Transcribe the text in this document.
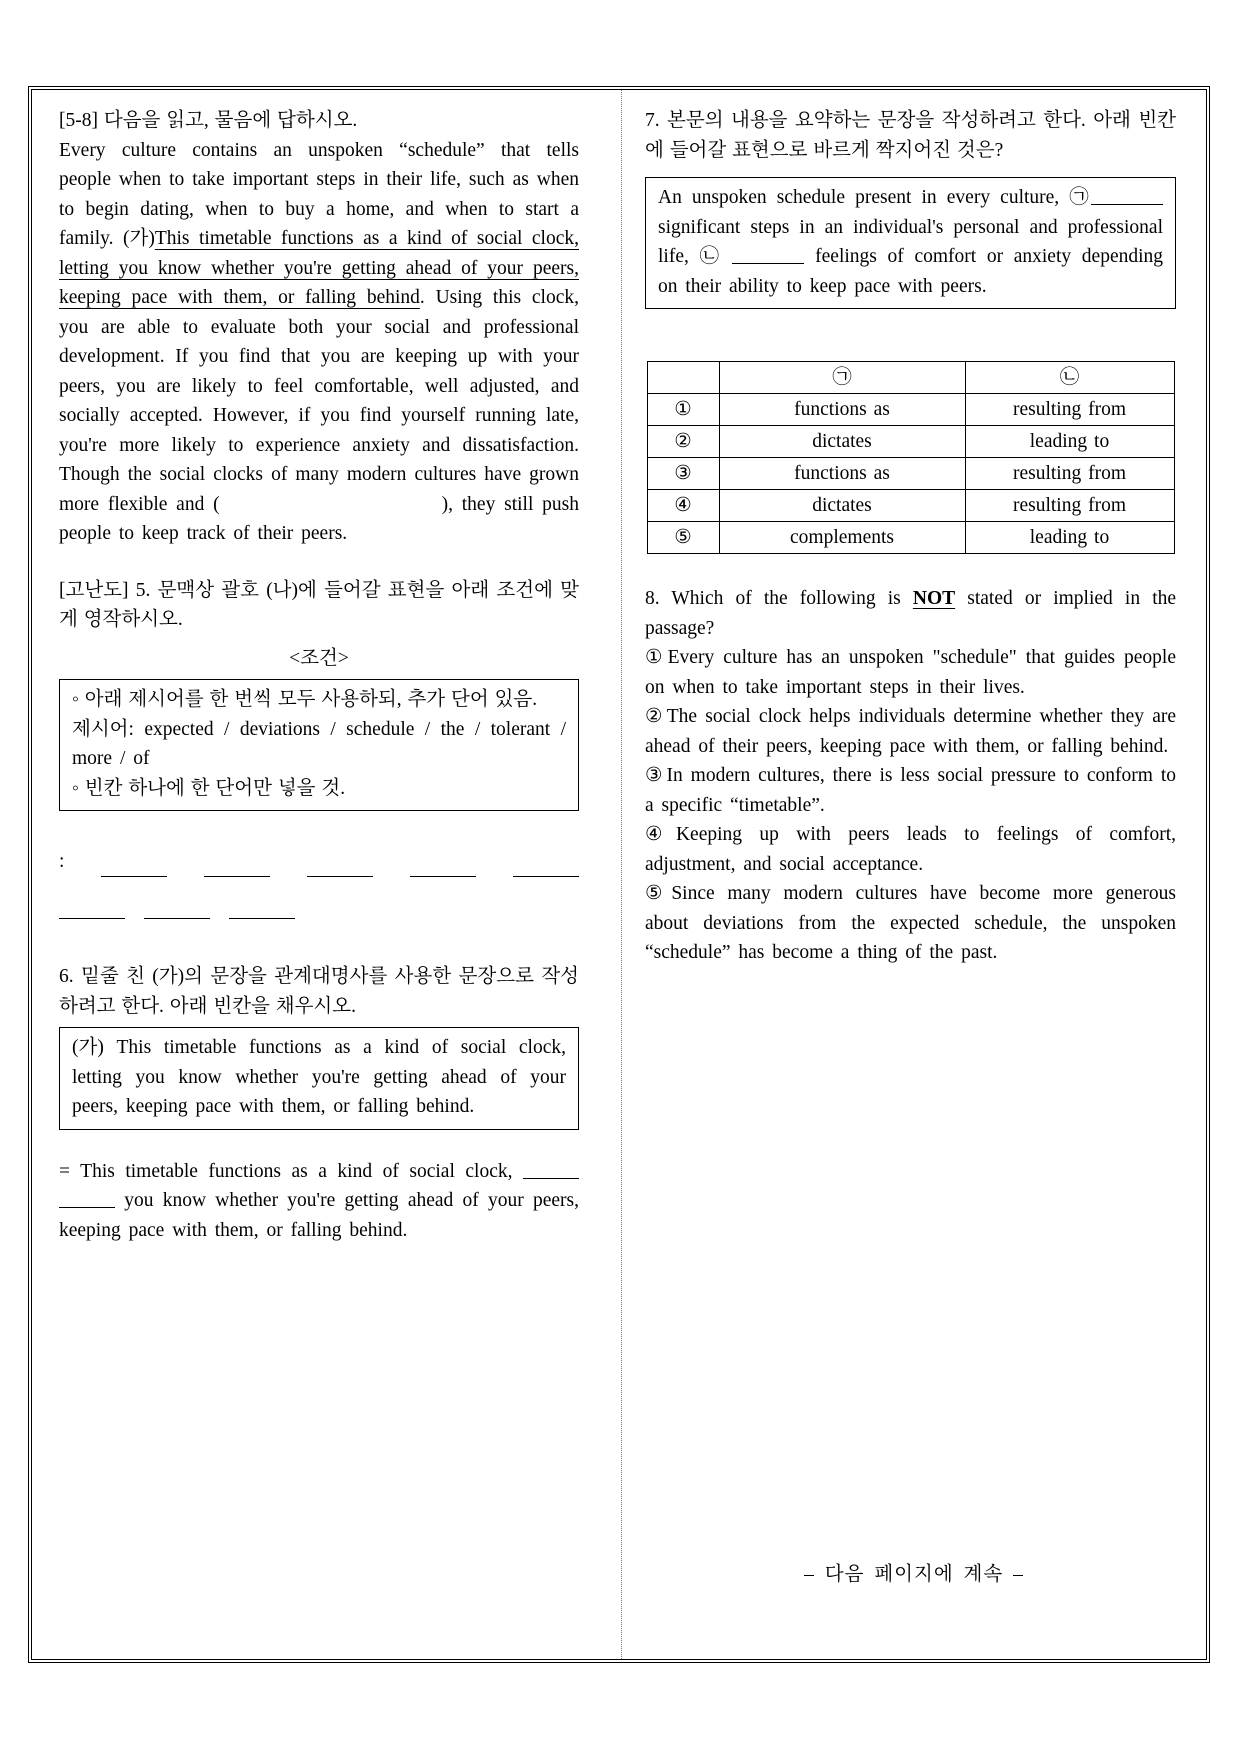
[5-8] 다음을 읽고, 물음에 답하시오.

Every culture contains an unspoken “schedule” that tells people when to take important steps in their life, such as when to begin dating, when to buy a home, and when to start a family. (가)This timetable functions as a kind of social clock, letting you know whether you're getting ahead of your peers, keeping pace with them, or falling behind. Using this clock, you are able to evaluate both your social and professional development. If you find that you are keeping up with your peers, you are likely to feel comfortable, well adjusted, and socially accepted. However, if you find yourself running late, you're more likely to experience anxiety and dissatisfaction. Though the social clocks of many modern cultures have grown more flexible and (	), they still push people to keep track of their peers.

[고난도] 5. 문맥상 괄호 (나)에 들어갈 표현을 아래 조건에 맞게 영작하시오.

<조건>

◦ 아래 제시어를 한 번씩 모두 사용하되, 추가 단어 있음.

제시어: expected / deviations / schedule / the / tolerant / more / of

◦ 빈칸 하나에 한 단어만 넣을 것.

:

6. 밑줄 친 (가)의 문장을 관계대명사를 사용한 문장으로 작성하려고 한다. 아래 빈칸을 채우시오.

(가) This timetable functions as a kind of social clock, letting you know whether you're getting ahead of your peers, keeping pace with them, or falling behind.

= This timetable functions as a kind of social clock,   you know whether you're getting ahead of your peers, keeping pace with them, or falling behind.

7. 본문의 내용을 요약하는 문장을 작성하려고 한다. 아래 빈칸에 들어갈 표현으로 바르게 짝지어진 것은?

An unspoken schedule present in every culture, ㉠ significant steps in an individual's personal and professional life, ㉡	feelings of comfort or anxiety depending on their ability to keep pace with peers.

	㉠	㉡
①	functions as	resulting from
②	dictates	leading to
③	functions as	resulting from
④	dictates	resulting from
⑤	complements	leading to

8. Which of the following is NOT stated or implied in the passage?

① Every culture has an unspoken "schedule" that guides people on when to take important steps in their lives.

② The social clock helps individuals determine whether they are ahead of their peers, keeping pace with them, or falling behind.

③ In modern cultures, there is less social pressure to conform to a specific “timetable”.

④ Keeping up with peers leads to feelings of comfort, adjustment, and social acceptance.

⑤ Since many modern cultures have become more generous about deviations from the expected schedule, the unspoken “schedule” has become a thing of the past.

– 다음 페이지에 계속 –
